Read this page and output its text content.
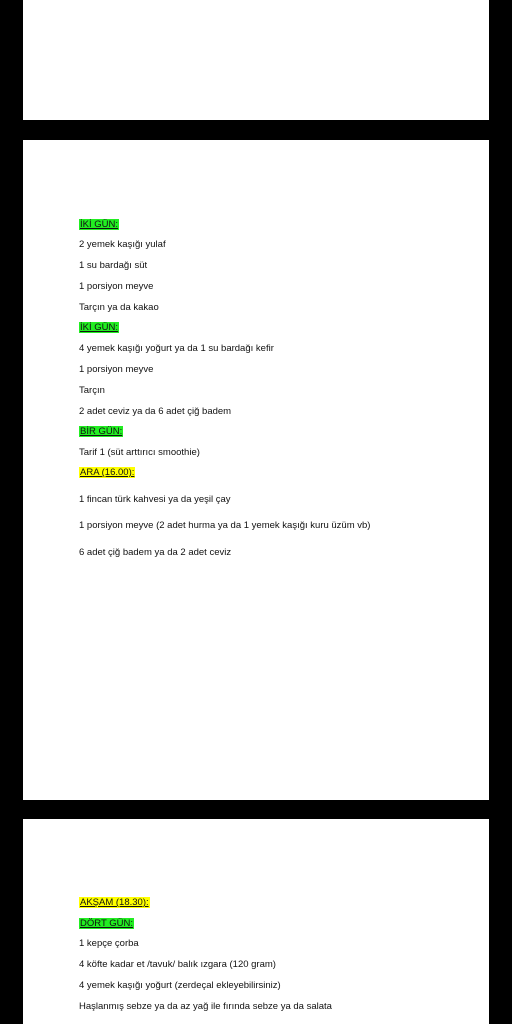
İKİ GÜN:
2 yemek kaşığı yulaf
1 su bardağı süt
1 porsiyon meyve
Tarçın ya da kakao
İKİ GÜN:
4 yemek kaşığı yoğurt ya da 1 su bardağı kefir
1 porsiyon meyve
Tarçın
2 adet ceviz ya da 6 adet çiğ badem
BİR GÜN:
Tarif 1 (süt arttırıcı smoothie)
ARA (16.00):
1 fincan türk kahvesi ya da yeşil çay
1 porsiyon meyve (2 adet hurma ya da 1 yemek kaşığı kuru üzüm vb)
6 adet çiğ badem ya da 2 adet ceviz
AKŞAM (18.30):
DÖRT GÜN:
1 kepçe çorba
4 köfte kadar et /tavuk/ balık ızgara (120 gram)
4 yemek kaşığı yoğurt (zerdeçal ekleyebilirsiniz)
Haşlanmış sebze ya da az yağ ile fırında sebze ya da salata
